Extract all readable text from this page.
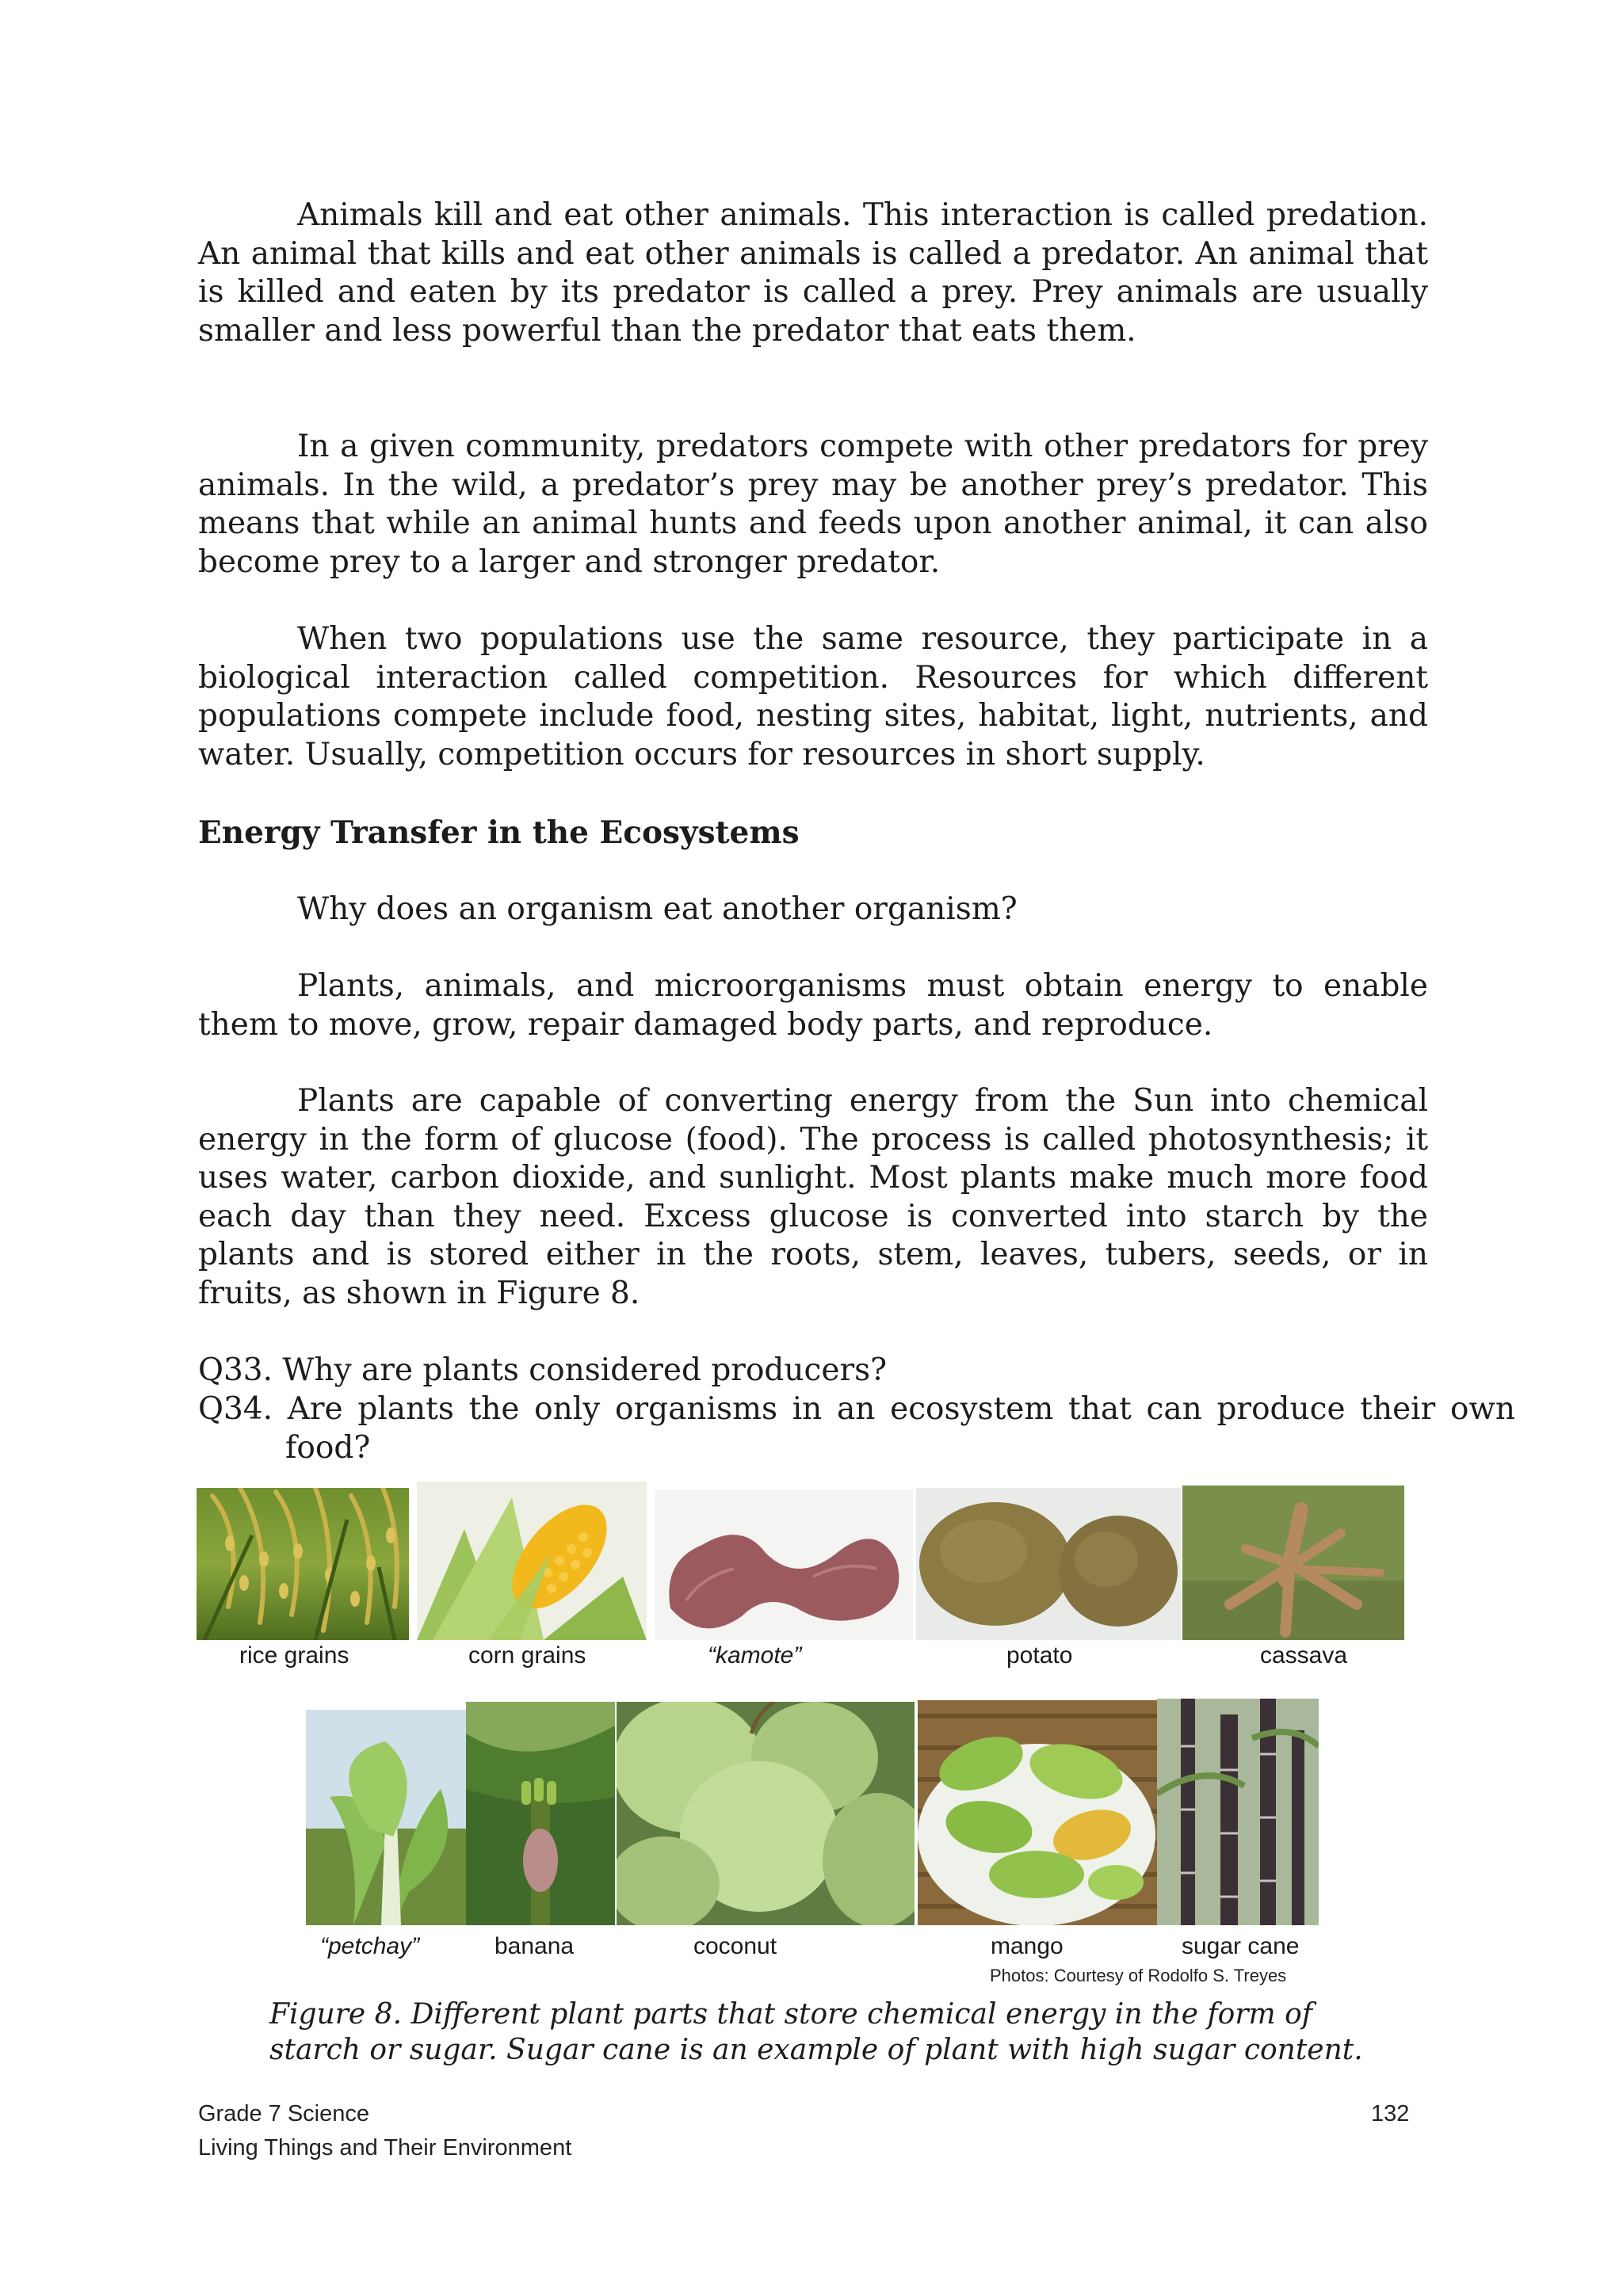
Animals kill and eat other animals. This interaction is called predation. An animal that kills and eat other animals is called a predator. An animal that is killed and eaten by its predator is called a prey. Prey animals are usually smaller and less powerful than the predator that eats them.

In a given community, predators compete with other predators for prey animals. In the wild, a predator’s prey may be another prey’s predator. This means that while an animal hunts and feeds upon another animal, it can also become prey to a larger and stronger predator.

When two populations use the same resource, they participate in a biological interaction called competition. Resources for which different populations compete include food, nesting sites, habitat, light, nutrients, and water. Usually, competition occurs for resources in short supply.

Energy Transfer in the Ecosystems

Why does an organism eat another organism?

Plants, animals, and microorganisms must obtain energy to enable them to move, grow, repair damaged body parts, and reproduce.

Plants are capable of converting energy from the Sun into chemical energy in the form of glucose (food). The process is called photosynthesis; it uses water, carbon dioxide, and sunlight. Most plants make much more food each day than they need. Excess glucose is converted into starch by the plants and is stored either in the roots, stem, leaves, tubers, seeds, or in fruits, as shown in Figure 8.

Q33. Why are plants considered producers?
Q34. Are plants the only organisms in an ecosystem that can produce their own food?
rice grains	corn grains	“kamote”	potato	cassava
“petchay”	banana	coconut	mango	sugar cane
Photos: Courtesy of Rodolfo S. Treyes

Figure 8. Different plant parts that store chemical energy in the form of starch or sugar. Sugar cane is an example of plant with high sugar content.

Grade 7 Science
Living Things and Their Environment
132
